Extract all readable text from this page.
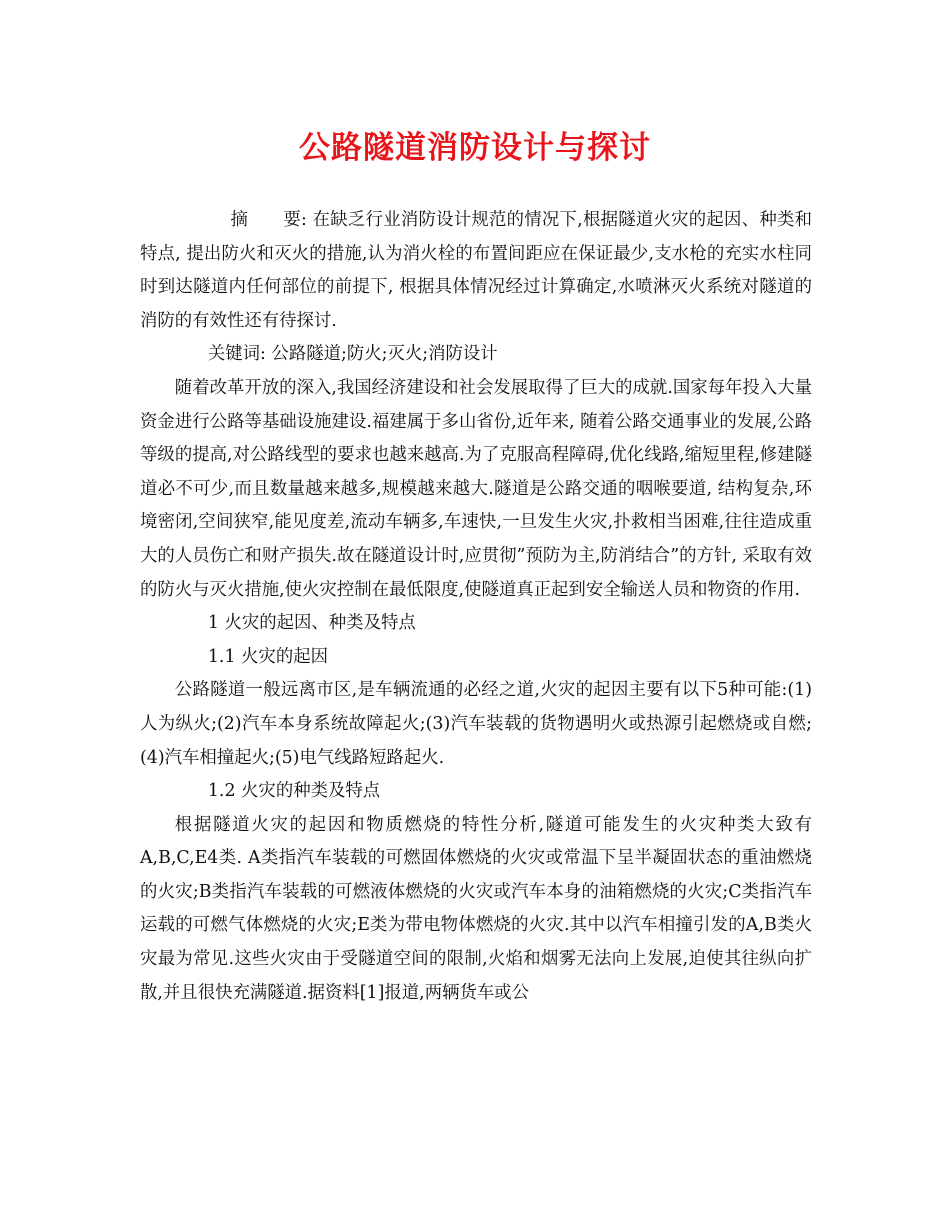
公路隧道消防设计与探讨

摘　　要: 在缺乏行业消防设计规范的情况下,根据隧道火灾的起因、种类和特点, 提出防火和灭火的措施,认为消火栓的布置间距应在保证最少,支水枪的充实水柱同时到达隧道内任何部位的前提下, 根据具体情况经过计算确定,水喷淋灭火系统对隧道的消防的有效性还有待探讨.

关键词: 公路隧道;防火;灭火;消防设计

随着改革开放的深入,我国经济建设和社会发展取得了巨大的成就.国家每年投入大量资金进行公路等基础设施建设.福建属于多山省份,近年来, 随着公路交通事业的发展,公路等级的提高,对公路线型的要求也越来越高.为了克服高程障碍,优化线路,缩短里程,修建隧道必不可少,而且数量越来越多,规模越来越大.隧道是公路交通的咽喉要道, 结构复杂,环境密闭,空间狭窄,能见度差,流动车辆多,车速快,一旦发生火灾,扑救相当困难,往往造成重大的人员伤亡和财产损失.故在隧道设计时,应贯彻”预防为主,防消结合”的方针, 采取有效的防火与灭火措施,使火灾控制在最低限度,使隧道真正起到安全输送人员和物资的作用.

1 火灾的起因、种类及特点

1.1 火灾的起因

公路隧道一般远离市区,是车辆流通的必经之道,火灾的起因主要有以下5种可能:(1)人为纵火;(2)汽车本身系统故障起火;(3)汽车装载的货物遇明火或热源引起燃烧或自燃;(4)汽车相撞起火;(5)电气线路短路起火.

1.2 火灾的种类及特点

根据隧道火灾的起因和物质燃烧的特性分析,隧道可能发生的火灾种类大致有A,B,C,E4类. A类指汽车装载的可燃固体燃烧的火灾或常温下呈半凝固状态的重油燃烧的火灾;B类指汽车装载的可燃液体燃烧的火灾或汽车本身的油箱燃烧的火灾;C类指汽车运载的可燃气体燃烧的火灾;E类为带电物体燃烧的火灾.其中以汽车相撞引发的A,B类火灾最为常见.这些火灾由于受隧道空间的限制,火焰和烟雾无法向上发展,迫使其往纵向扩散,并且很快充满隧道.据资料[1]报道,两辆货车或公
